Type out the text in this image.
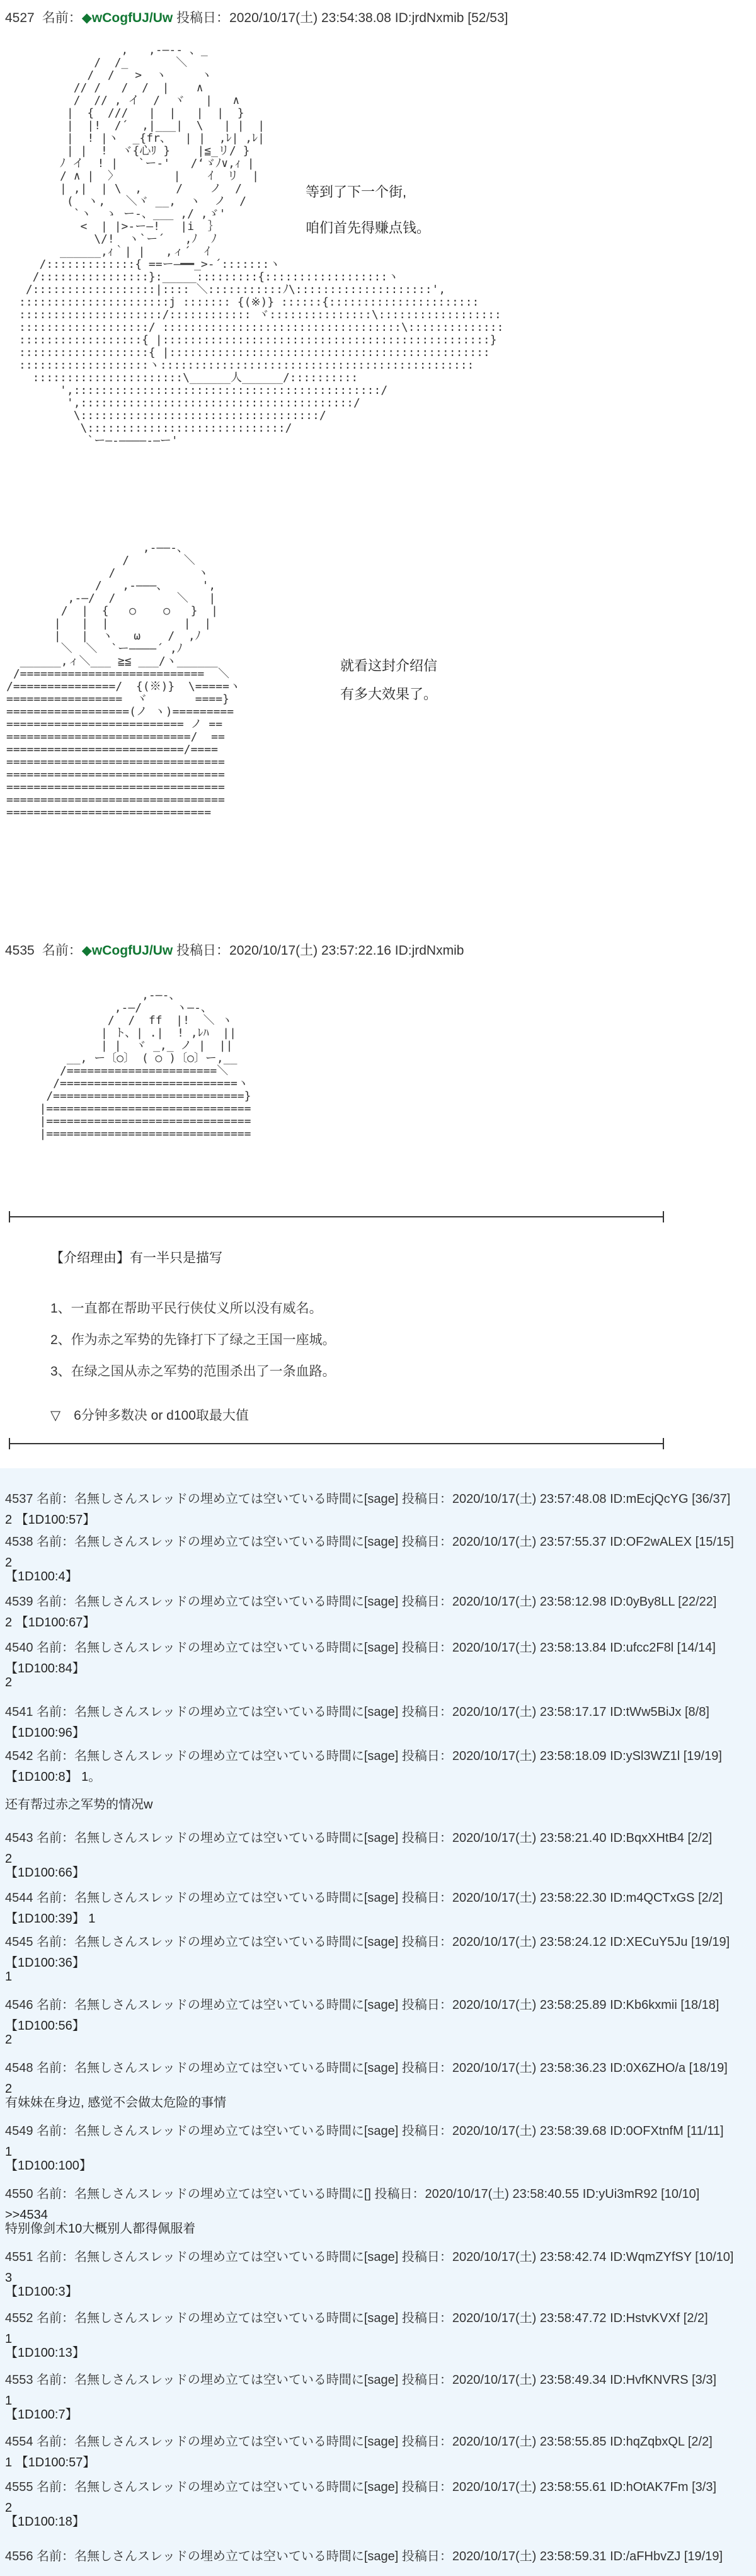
4527 名前：◆wCogfUJ/Uw 投稿日：2020/10/17(土) 23:54:38.08 ID:jrdNxmib [52/53]
,   ,-―-- 、_
/  /_       ＼
/  /   >  ヽ     ヽ
// /   /  /  |    ∧
/  // , イ  /  ヾ   |   ∧
|  {  ///   |  |   |  |  }
|  |!  /´  ,|___|  \   | |  |
|  ! |ヽ  _{fr、  | |  ,ﾚ| ,ﾚ|
| |  !  ヾ{心ﾘ }    |≦_リ/ }
ﾉ イ  ! |   `ー‐'   /‘ゞﾉ∨,ｨ |
/ ∧ |  〉        |    ｲ  リ  |
| ,|  | \  ,     /    ノ  /
(  ヽ,   ＼ヾ __,  ヽ  ノ  /
`ヽ  ゝ ー-、___ ,/ ,ゞ'
<  | |>-ー―!   |i  ｝
\/!  ヽ`ー´   ,ﾉ  ﾉ
______,ｨ｀| |   ,ィ´  ｲ
/:::::::::::::{ ==ー―━━_>‐´:::::::ヽ
/::::::::::::::::}:_____:::::::::{::::::::::::::::::ヽ
/::::::::::::::::::|:::: ＼:::::::::::ﾉ\::::::::::::::::::::',
::::::::::::::::::::::j ::::::: {(※)} ::::::{::::::::::::::::::::::
:::::::::::::::::::::/:::::::::::: ヾ:::::::::::::::\::::::::::::::::::
:::::::::::::::::::/ :::::::::::::::::::::::::::::::::::\::::::::::::::
::::::::::::::::::{ |::::::::::::::::::::::::::::::::::::::::::::::::}
:::::::::::::::::::{ |:::::::::::::::::::::::::::::::::::::::::::::::
:::::::::::::::::::ヽ::::::::::::::::::::::::::::::::::::::::::::::
::::::::::::::::::::::\______人______/::::::::::
',:::::::::::::::::::::::::::::::::::::::::::::/
',::::::::::::::::::::::::::::::::::::::::/
\:::::::::::::::::::::::::::::::::::/
\:::::::::::::::::::::::::::::/
`ー―‐――――‐―ー'
等到了下一个街,
咱们首先得赚点钱。
,-――-、
/        ＼
/            ヽ
/   ,-―――、     ',
,-―/  /         ＼   |
/  |  {   ○    ○   }  |
|   |  |           |  |
|   |  ヽ   ω    /  ,ﾉ
＼  ＼  `ー――――´ ,ﾉ
______,ィ＼___ ≧≦ ___/ヽ______
/===========================  ＼
/===============/  {(※)}  \=====ヽ
=================  ヾ       ====}
==================(ノ ヽ)=========
========================== ノ ==
===========================/  ==
==========================/====
================================
================================
================================
================================
==============================
就看这封介绍信
有多大效果了。
4535 名前：◆wCogfUJ/Uw 投稿日：2020/10/17(土) 23:57:22.16 ID:jrdNxmib
,-―-、
,-―/     ヽ―-、
/  /  ff  |!  ＼ ヽ
| ト、| .|  ! ,ﾚﾊ  ||
| |  ヾ _,_ ノ |  ||
__, ー〔○〕 ( ○ )〔○〕ー,__
/======================＼
/==========================ヽ
/============================}
|==============================
|==============================
|==============================
【介绍理由】有一半只是描写
1、一直都在帮助平民行侠仗义所以没有威名。
2、作为赤之军势的先锋打下了绿之王国一座城。
3、在绿之国从赤之军势的范围杀出了一条血路。
▽　6分钟多数决 or d100取最大值
4537 名前：名無しさんスレッドの埋め立ては空いている時間に[sage] 投稿日：2020/10/17(土) 23:57:48.08 ID:mEcjQcYG [36/37]
2 【1D100:57】
4538 名前：名無しさんスレッドの埋め立ては空いている時間に[sage] 投稿日：2020/10/17(土) 23:57:55.37 ID:OF2wALEX [15/15]
2
【1D100:4】
4539 名前：名無しさんスレッドの埋め立ては空いている時間に[sage] 投稿日：2020/10/17(土) 23:58:12.98 ID:0yBy8LL [22/22]
2 【1D100:67】
4540 名前：名無しさんスレッドの埋め立ては空いている時間に[sage] 投稿日：2020/10/17(土) 23:58:13.84 ID:ufcc2F8l [14/14]
【1D100:84】
2
4541 名前：名無しさんスレッドの埋め立ては空いている時間に[sage] 投稿日：2020/10/17(土) 23:58:17.17 ID:tWw5BiJx [8/8]
【1D100:96】
4542 名前：名無しさんスレッドの埋め立ては空いている時間に[sage] 投稿日：2020/10/17(土) 23:58:18.09 ID:ySl3WZ1l [19/19]
【1D100:8】 1。

还有帮过赤之军势的情况w
4543 名前：名無しさんスレッドの埋め立ては空いている時間に[sage] 投稿日：2020/10/17(土) 23:58:21.40 ID:BqxXHtB4 [2/2]
2
【1D100:66】
4544 名前：名無しさんスレッドの埋め立ては空いている時間に[sage] 投稿日：2020/10/17(土) 23:58:22.30 ID:m4QCTxGS [2/2]
【1D100:39】 1
4545 名前：名無しさんスレッドの埋め立ては空いている時間に[sage] 投稿日：2020/10/17(土) 23:58:24.12 ID:XECuY5Ju [19/19]
【1D100:36】
1
4546 名前：名無しさんスレッドの埋め立ては空いている時間に[sage] 投稿日：2020/10/17(土) 23:58:25.89 ID:Kb6kxmii [18/18]
【1D100:56】
2
4548 名前：名無しさんスレッドの埋め立ては空いている時間に[sage] 投稿日：2020/10/17(土) 23:58:36.23 ID:0X6ZHO/a [18/19]
2
有妹妹在身边, 感觉不会做太危险的事情
4549 名前：名無しさんスレッドの埋め立ては空いている時間に[sage] 投稿日：2020/10/17(土) 23:58:39.68 ID:0OFXtnfM [11/11]
1
【1D100:100】
4550 名前：名無しさんスレッドの埋め立ては空いている時間に[] 投稿日：2020/10/17(土) 23:58:40.55 ID:yUi3mR92 [10/10]
>>4534
特别像剑术10大概别人都得佩服着
4551 名前：名無しさんスレッドの埋め立ては空いている時間に[sage] 投稿日：2020/10/17(土) 23:58:42.74 ID:WqmZYfSY [10/10]
3
【1D100:3】
4552 名前：名無しさんスレッドの埋め立ては空いている時間に[sage] 投稿日：2020/10/17(土) 23:58:47.72 ID:HstvKVXf [2/2]
1
【1D100:13】
4553 名前：名無しさんスレッドの埋め立ては空いている時間に[sage] 投稿日：2020/10/17(土) 23:58:49.34 ID:HvfKNVRS [3/3]
1
【1D100:7】
4554 名前：名無しさんスレッドの埋め立ては空いている時間に[sage] 投稿日：2020/10/17(土) 23:58:55.85 ID:hqZqbxQL [2/2]
1 【1D100:57】
4555 名前：名無しさんスレッドの埋め立ては空いている時間に[sage] 投稿日：2020/10/17(土) 23:58:55.61 ID:hOtAK7Fm [3/3]
2
【1D100:18】
4556 名前：名無しさんスレッドの埋め立ては空いている時間に[sage] 投稿日：2020/10/17(土) 23:58:59.31 ID:/aFHbvZJ [19/19]
